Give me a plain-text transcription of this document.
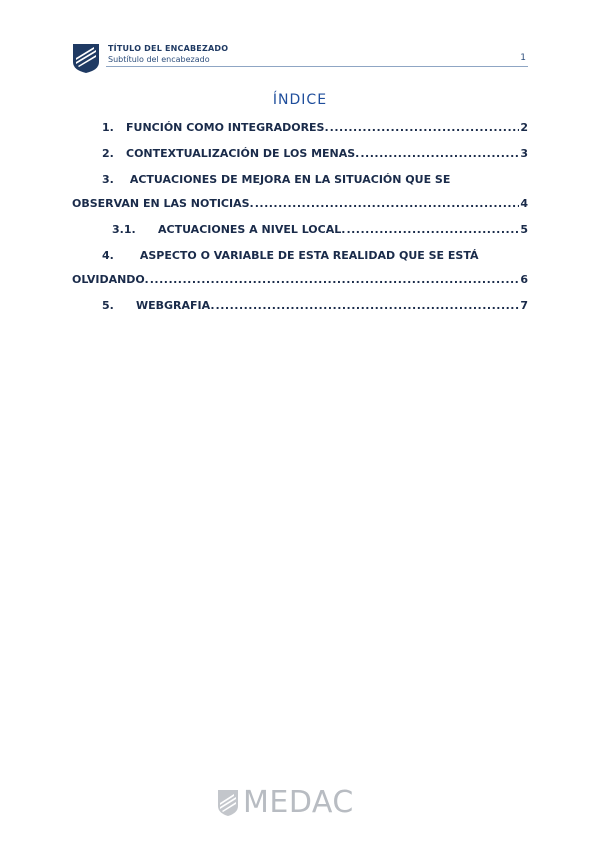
TÍTULO DEL ENCABEZADO
Subtítulo del encabezado	1
ÍNDICE
1.	FUNCIÓN COMO INTEGRADORES. .....	2
2.	CONTEXTUALIZACIÓN DE LOS MENAS. .....	3
3. ACTUACIONES DE MEJORA EN LA SITUACIÓN QUE SE
OBSERVAN EN LAS NOTICIAS. .....	4
3.1.	ACTUACIONES A NIVEL LOCAL. .....	5
4. ASPECTO O VARIABLE DE ESTA REALIDAD QUE SE ESTÁ
OLVIDANDO. .....	6
5.	WEBGRAFIA. .....	7
MEDAC
